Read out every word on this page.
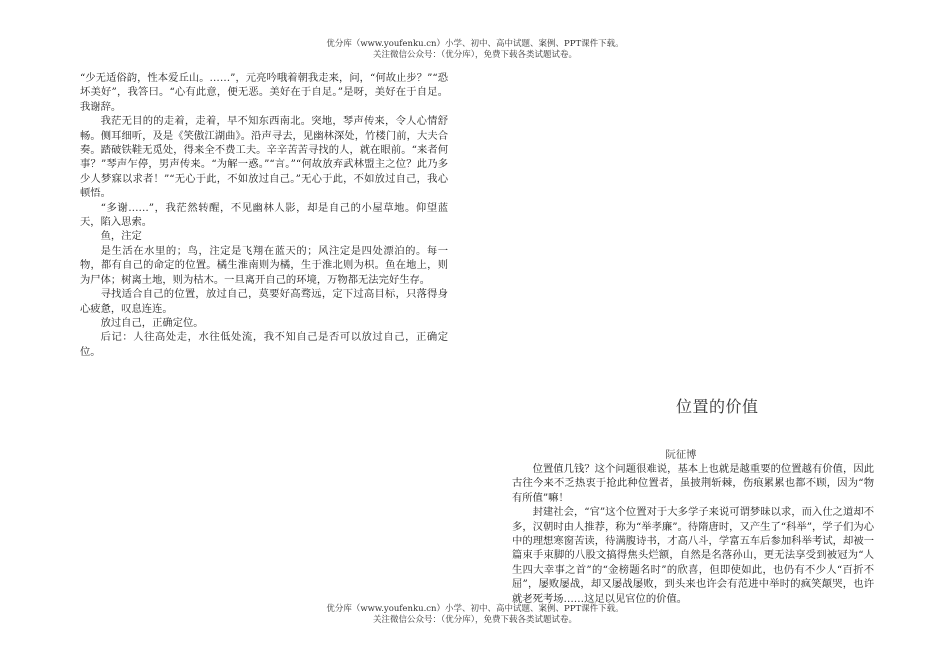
优分库（www.youfenku.cn）小学、初中、高中试题、案例、PPT课件下载。
关注微信公众号：（优分库），免费下载各类试题试卷。

“少无适俗韵，性本爱丘山。……”，元亮吟哦着朝我走来，问，“何故止步？”“恐坏美好”，我答曰。“心有此意，便无恶。美好在于自足。”是呀，美好在于自足。我谢辞。

我茫无目的的走着，走着，早不知东西南北。突地，琴声传来，令人心情舒畅。侧耳细听，及是《笑傲江湖曲》。沿声寻去，见幽林深处，竹楼门前，大夫合奏。踏破铁鞋无觅处，得来全不费工夫。辛辛苦苦寻找的人，就在眼前。“来者何事？”琴声乍停，男声传来。“为解一惑。”“言。”“何故放弃武林盟主之位？此乃多少人梦寐以求者！”“无心于此，不如放过自己。”无心于此，不如放过自己，我心顿悟。

“多谢……”，我茫然转醒，不见幽林人影，却是自己的小屋草地。仰望蓝天，陷入思索。

鱼，注定

是生活在水里的；鸟，注定是飞翔在蓝天的；风注定是四处漂泊的。每一物，都有自己的命定的位置。橘生淮南则为橘，生于淮北则为枳。鱼在地上，则为尸体；树离土地，则为枯木。一旦离开自己的环境，万物都无法完好生存。

寻找适合自己的位置，放过自己，莫要好高骛远，定下过高目标，只落得身心疲惫，叹息连连。

放过自己，正确定位。

后记：人往高处走，水往低处流，我不知自己是否可以放过自己，正确定位。

位置的价值
阮征博

位置值几钱？这个问题很难说，基本上也就是越重要的位置越有价值，因此古往今来不乏热衷于抢此种位置者，虽披荆斩棘，伤痕累累也都不顾，因为“物有所值”嘛！

封建社会，“官”这个位置对于大多学子来说可谓梦昧以求，而入仕之道却不多，汉朝时由人推荐，称为“举孝廉”。待隋唐时，又产生了“科举”，学子们为心中的理想寒窗苦读，待满腹诗书，才高八斗，学富五车后参加科举考试，却被一篇束手束脚的八股文搞得焦头烂额，自然是名落孙山，更无法享受到被冠为“人生四大幸事之首”的“金榜题名时”的欣喜，但即使如此，也仍有不少人“百折不屈”，屡败屡战，却又屡战屡败，到头来也许会有范进中举时的疯笑颠哭，也许就老死考场……这足以见官位的价值。

优分库（www.youfenku.cn）小学、初中、高中试题、案例、PPT课件下载。
关注微信公众号：（优分库），免费下载各类试题试卷。
